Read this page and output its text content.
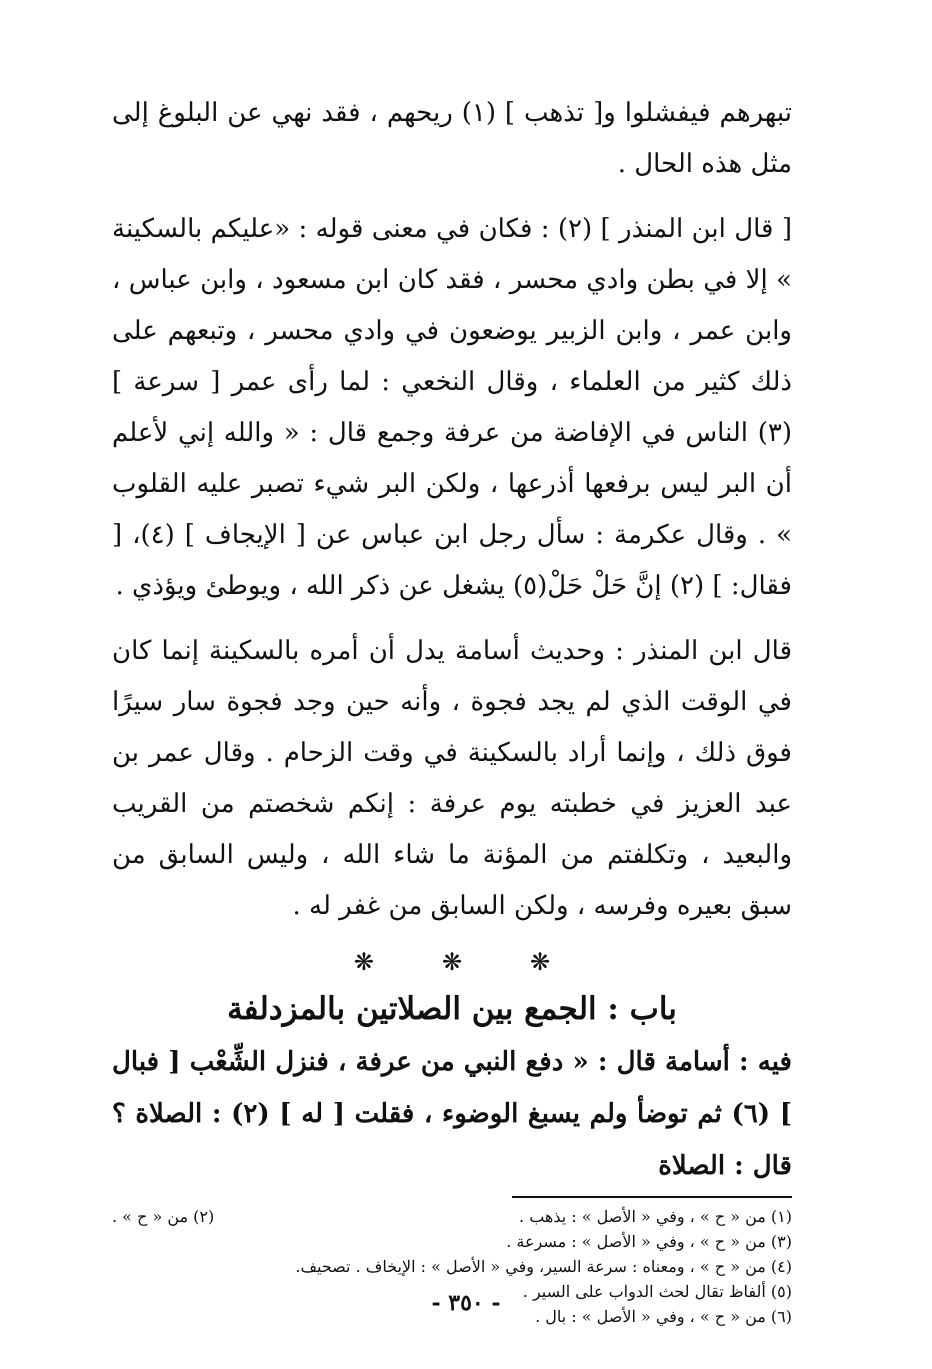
تبهرهم فيفشلوا و[ تذهب ] (١) ريحهم ، فقد نهي عن البلوغ إلى مثل هذه الحال .

[ قال ابن المنذر ] (٢) : فكان في معنى قوله : «عليكم بالسكينة » إلا في بطن وادي محسر ، فقد كان ابن مسعود ، وابن عباس ، وابن عمر ، وابن الزبير يوضعون في وادي محسر ، وتبعهم على ذلك كثير من العلماء ، وقال النخعي : لما رأى عمر [ سرعة ] (٣) الناس في الإفاضة من عرفة وجمع قال : « والله إني لأعلم أن البر ليس برفعها أذرعها ، ولكن البر شيء تصبر عليه القلوب » . وقال عكرمة : سأل رجل ابن عباس عن [ الإيجاف ] (٤)، [ فقال: ] (٢) إنَّ حَلْ حَلْ(٥) يشغل عن ذكر الله ، ويوطئ ويؤذي .

قال ابن المنذر : وحديث أسامة يدل أن أمره بالسكينة إنما كان في الوقت الذي لم يجد فجوة ، وأنه حين وجد فجوة سار سيرًا فوق ذلك ، وإنما أراد بالسكينة في وقت الزحام . وقال عمر بن عبد العزيز في خطبته يوم عرفة : إنكم شخصتم من القريب والبعيد ، وتكلفتم من المؤنة ما شاء الله ، وليس السابق من سبق بعيره وفرسه ، ولكن السابق من غفر له .

❋	❋	❋
باب : الجمع بين الصلاتين بالمزدلفة

فيه : أسامة قال : « دفع النبي من عرفة ، فنزل الشِّعْب [ فبال ] (٦) ثم توضأ ولم يسبغ الوضوء ، فقلت [ له ] (٢) : الصلاة ؟ قال : الصلاة

(١) من « ح » ، وفي « الأصل » : يذهب .
(٢) من « ح » .
(٣) من « ح » ، وفي « الأصل » : مسرعة .
(٤) من « ح » ، ومعناه : سرعة السير، وفي « الأصل » : الإيخاف . تصحيف.
(٥) ألفاظ تقال لحث الدواب على السير .
(٦) من « ح » ، وفي « الأصل » : بال .
- ٣٥٠ -
